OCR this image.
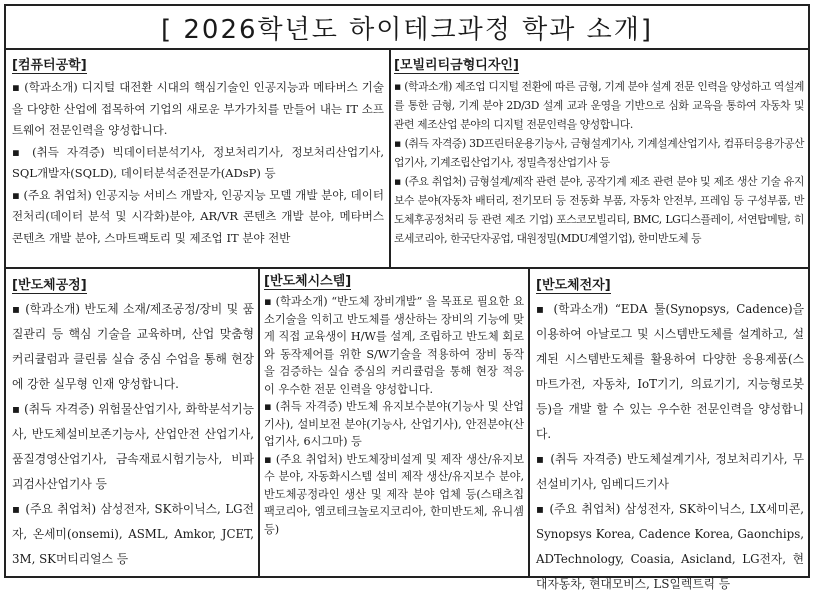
[ 2026학년도 하이테크과정 학과 소개]
[컴퓨터공학]

▪ (학과소개) 디지털 대전환 시대의 핵심기술인 인공지능과 메타버스 기술을 다양한 산업에 접목하여 기업의 새로운 부가가치를 만들어 내는 IT 소프트웨어 전문인력을 양성합니다.

▪ (취득 자격증) 빅데이터분석기사, 정보처리기사, 정보처리산업기사, SQL개발자(SQLD), 데이터분석준전문가(ADsP) 등

▪ (주요 취업처) 인공지능 서비스 개발자, 인공지능 모델 개발 분야, 데이터 전처리(데이터 분석 및 시각화)분야, AR/VR 콘텐츠 개발 분야, 메타버스 콘텐츠 개발 분야, 스마트팩토리 및 제조업 IT 분야 전반

[모빌리티금형디자인]

▪ (학과소개) 제조업 디지털 전환에 따른 금형, 기계 분야 설계 전문 인력을 양성하고 역설계를 통한 금형, 기계 분야 2D/3D 설계 교과 운영을 기반으로 심화 교육을 통하여 자동차 및 관련 제조산업 분야의 디지털 전문인력을 양성합니다.

▪ (취득 자격증) 3D프린터운용기능사, 금형설계기사, 기계설계산업기사, 컴퓨터응용가공산업기사, 기계조립산업기사, 정밀측정산업기사 등

▪ (주요 취업처) 금형설계/제작 관련 분야, 공작기계 제조 관련 분야 및 제조 생산 기술 유지보수 분야(자동차 배터리, 전기모터 등 전동화 부품, 자동차 안전부, 프레임 등 구성부품, 반도체후공정처리 등 관련 제조 기업) 포스코모빌리티, BMC, LG디스플레이, 서연탑메탈, 히로세코리아, 한국단자공업, 대원정밀(MDU계열기업), 한미반도체 등

[반도체공정]

▪ (학과소개) 반도체 소재/제조공정/장비 및 품질관리 등 핵심 기술을 교육하며, 산업 맞춤형 커리큘럼과 클린룸 실습 중심 수업을 통해 현장에 강한 실무형 인재 양성합니다.

▪ (취득 자격증) 위험물산업기사, 화학분석기능사, 반도체설비보존기능사, 산업안전 산업기사, 품질경영산업기사, 금속재료시험기능사, 비파괴검사산업기사 등

▪ (주요 취업처) 삼성전자, SK하이닉스, LG전자, 온세미(onsemi), ASML, Amkor, JCET, 3M, SK머티리얼스 등

[반도체시스템]

▪ (학과소개) “반도체 장비개발” 을 목표로 필요한 요소기술을 익히고 반도체를 생산하는 장비의 기능에 맞게 직접 교육생이 H/W를 설계, 조립하고 반도체 회로와 동작제어를 위한 S/W기술을 적용하여 장비 동작을 검증하는 실습 중심의 커리큘럼을 통해 현장 적응이 우수한 전문 인력을 양성합니다.

▪ (취득 자격증) 반도체 유지보수분야(기능사 및 산업기사), 설비보전 분야(기능사, 산업기사), 안전분야(산업기사, 6시그마) 등

▪ (주요 취업처) 반도체장비설계 및 제작 생산/유지보수 분야, 자동화시스템 설비 제작 생산/유지보수 분야, 반도체공정라인 생산 및 제작 분야 업체 등(스태츠칩팩코리아, 엠코테크놀로지코리아, 한미반도체, 유니셈 등)

[반도체전자]

▪ (학과소개) “EDA 툴(Synopsys, Cadence)을 이용하여 아날로그 및 시스템반도체를 설계하고, 설계된 시스템반도체를 활용하여 다양한 응용제품(스마트가전, 자동차, IoT기기, 의료기기, 지능형로봇 등)을 개발 할 수 있는 우수한 전문인력을 양성합니다.

▪ (취득 자격증) 반도체설계기사, 정보처리기사, 무선설비기사, 임베디드기사

▪ (주요 취업처) 삼성전자, SK하이닉스, LX세미콘, Synopsys Korea, Cadence Korea, Gaonchips, ADTechnology, Coasia, Asicland, LG전자, 현대자동차, 현대모비스, LS일렉트릭 등
